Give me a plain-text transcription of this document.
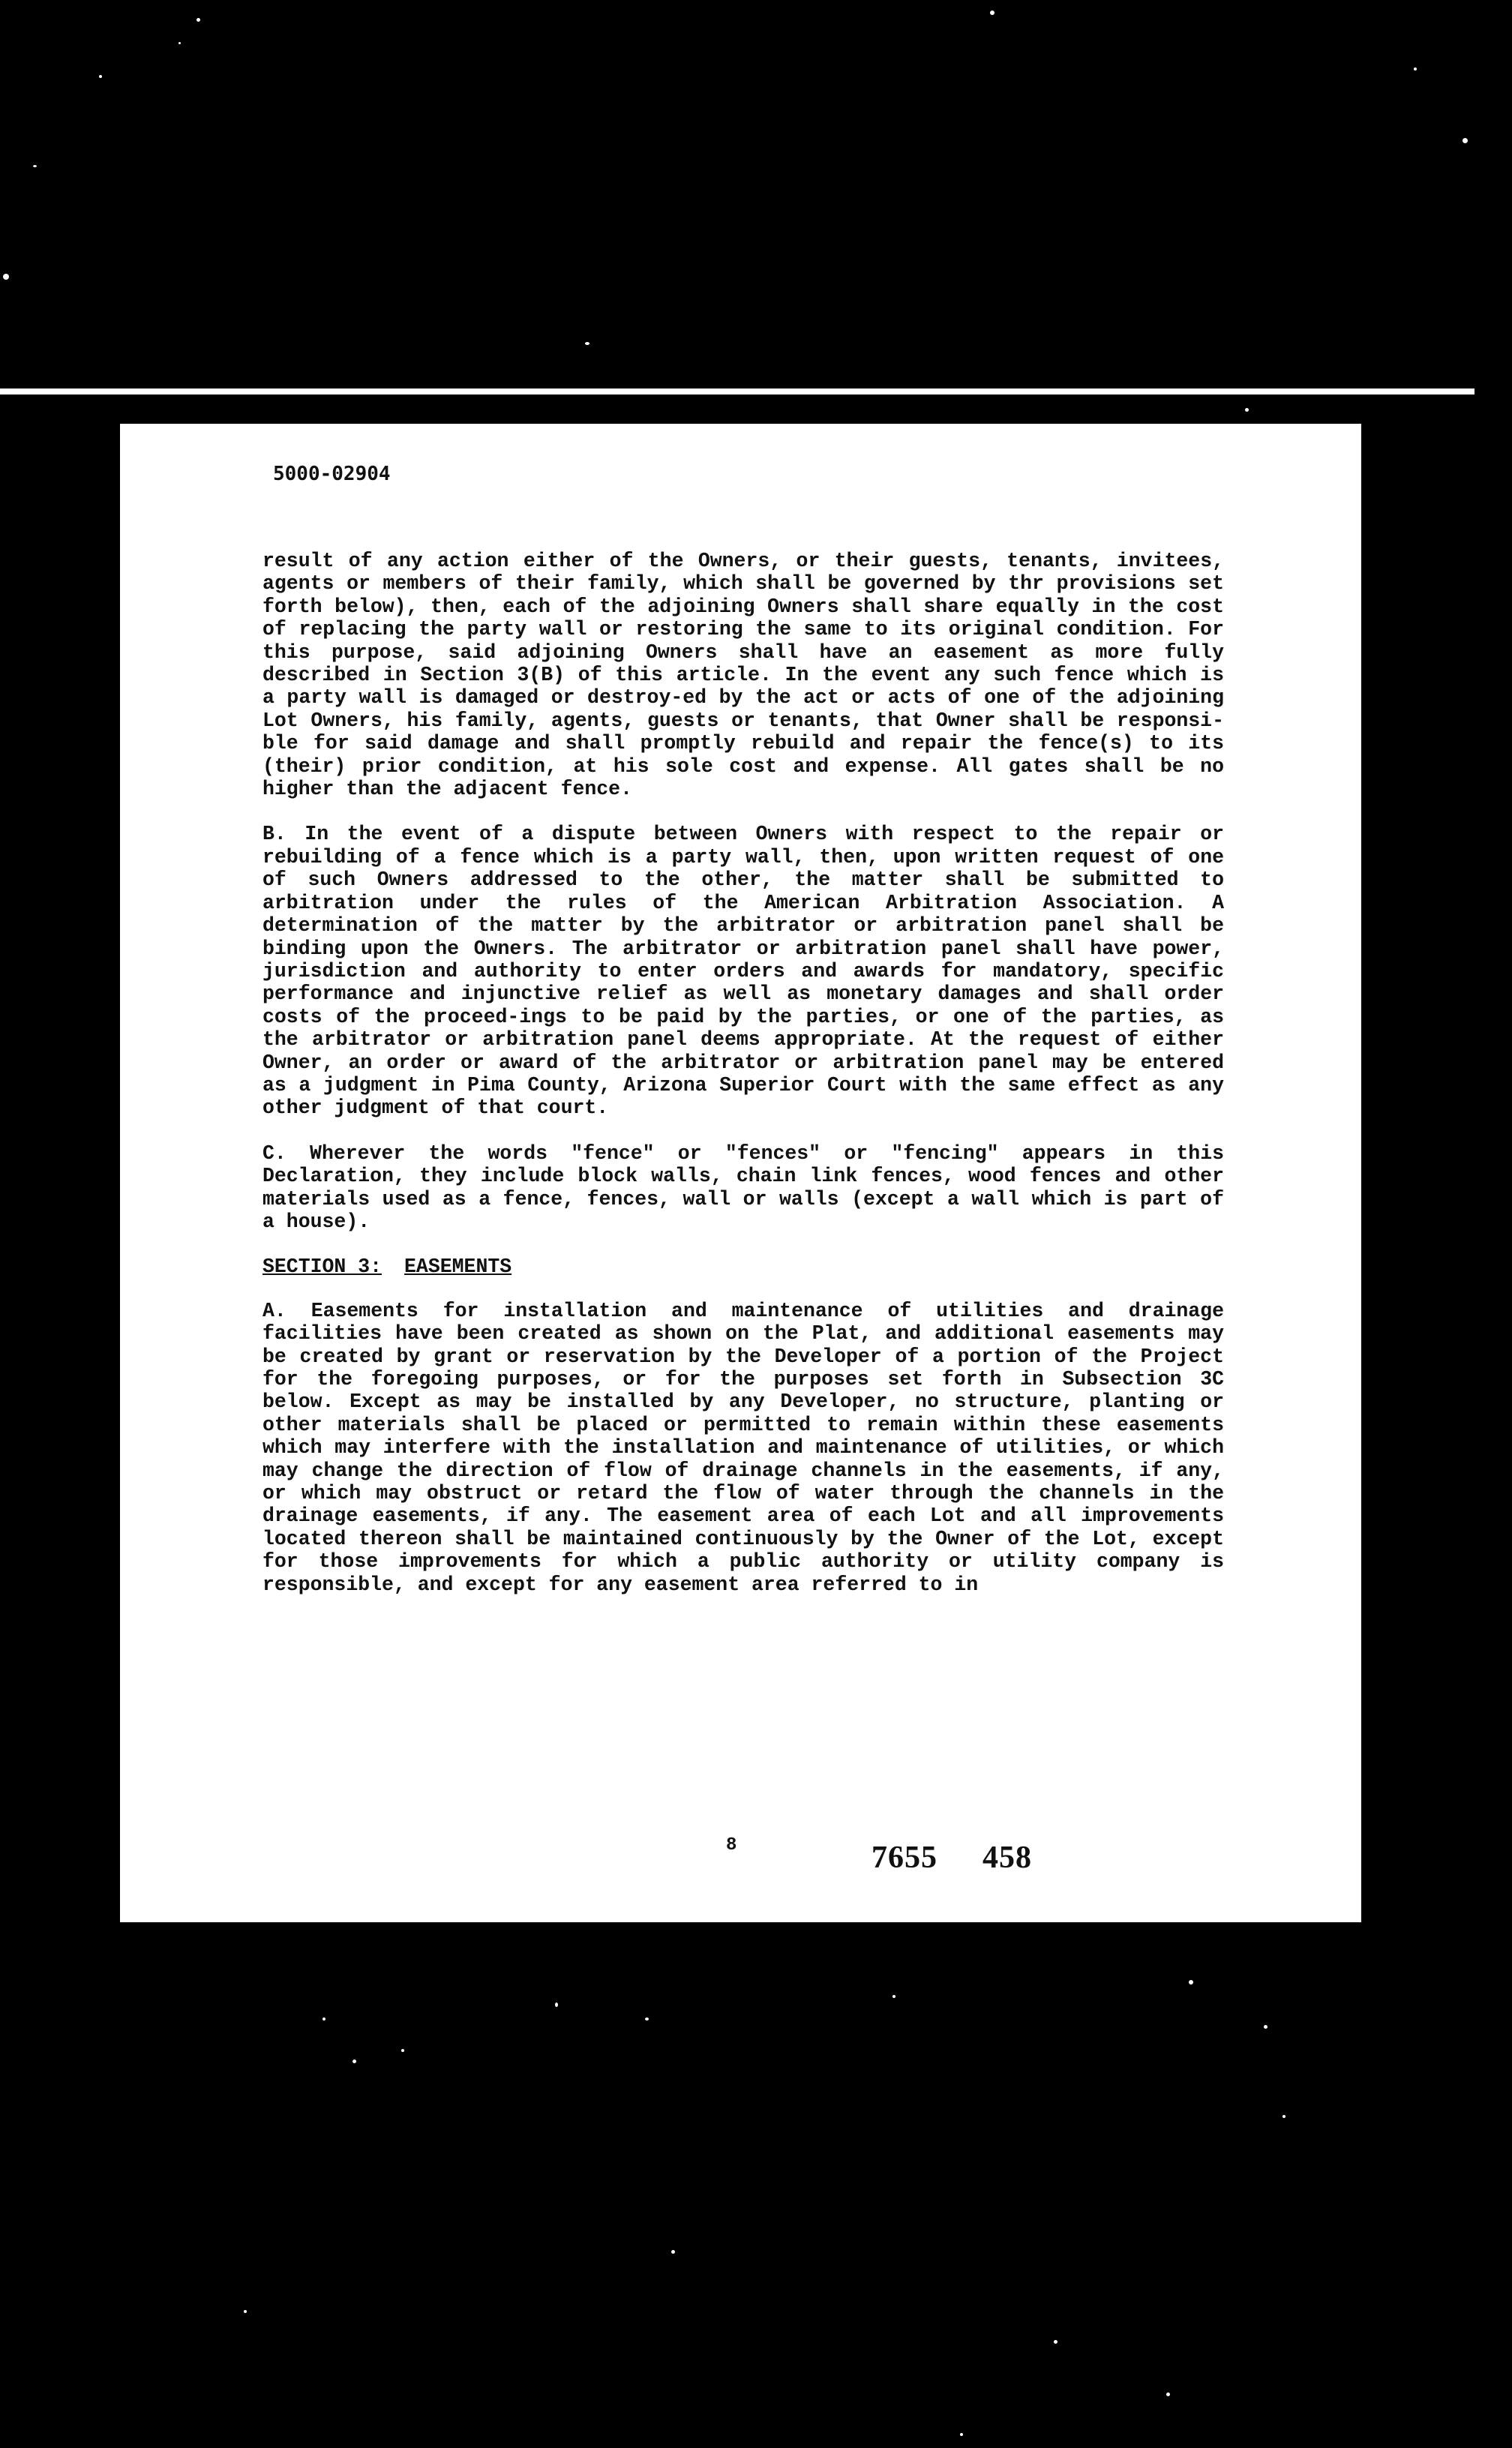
5000-02904

result of any action either of the Owners, or their guests, tenants, invitees, agents or members of their family, which shall be governed by thr provisions set forth below), then, each of the adjoining Owners shall share equally in the cost of replacing the party wall or restoring the same to its original condition. For this purpose, said adjoining Owners shall have an easement as more fully described in Section 3(B) of this article. In the event any such fence which is a party wall is damaged or destroy-ed by the act or acts of one of the adjoining Lot Owners, his family, agents, guests or tenants, that Owner shall be responsi-ble for said damage and shall promptly rebuild and repair the fence(s) to its (their) prior condition, at his sole cost and expense. All gates shall be no higher than the adjacent fence.

B. In the event of a dispute between Owners with respect to the repair or rebuilding of a fence which is a party wall, then, upon written request of one of such Owners addressed to the other, the matter shall be submitted to arbitration under the rules of the American Arbitration Association. A determination of the matter by the arbitrator or arbitration panel shall be binding upon the Owners. The arbitrator or arbitration panel shall have power, jurisdiction and authority to enter orders and awards for mandatory, specific performance and injunctive relief as well as monetary damages and shall order costs of the proceed-ings to be paid by the parties, or one of the parties, as the arbitrator or arbitration panel deems appropriate. At the request of either Owner, an order or award of the arbitrator or arbitration panel may be entered as a judgment in Pima County, Arizona Superior Court with the same effect as any other judgment of that court.

C. Wherever the words "fence" or "fences" or "fencing" appears in this Declaration, they include block walls, chain link fences, wood fences and other materials used as a fence, fences, wall or walls (except a wall which is part of a house).

SECTION 3: EASEMENTS

A. Easements for installation and maintenance of utilities and drainage facilities have been created as shown on the Plat, and additional easements may be created by grant or reservation by the Developer of a portion of the Project for the foregoing purposes, or for the purposes set forth in Subsection 3C below. Except as may be installed by any Developer, no structure, planting or other materials shall be placed or permitted to remain within these easements which may interfere with the installation and maintenance of utilities, or which may change the direction of flow of drainage channels in the easements, if any, or which may obstruct or retard the flow of water through the channels in the drainage easements, if any. The easement area of each Lot and all improvements located thereon shall be maintained continuously by the Owner of the Lot, except for those improvements for which a public authority or utility company is responsible, and except for any easement area referred to in

8	7655 458
